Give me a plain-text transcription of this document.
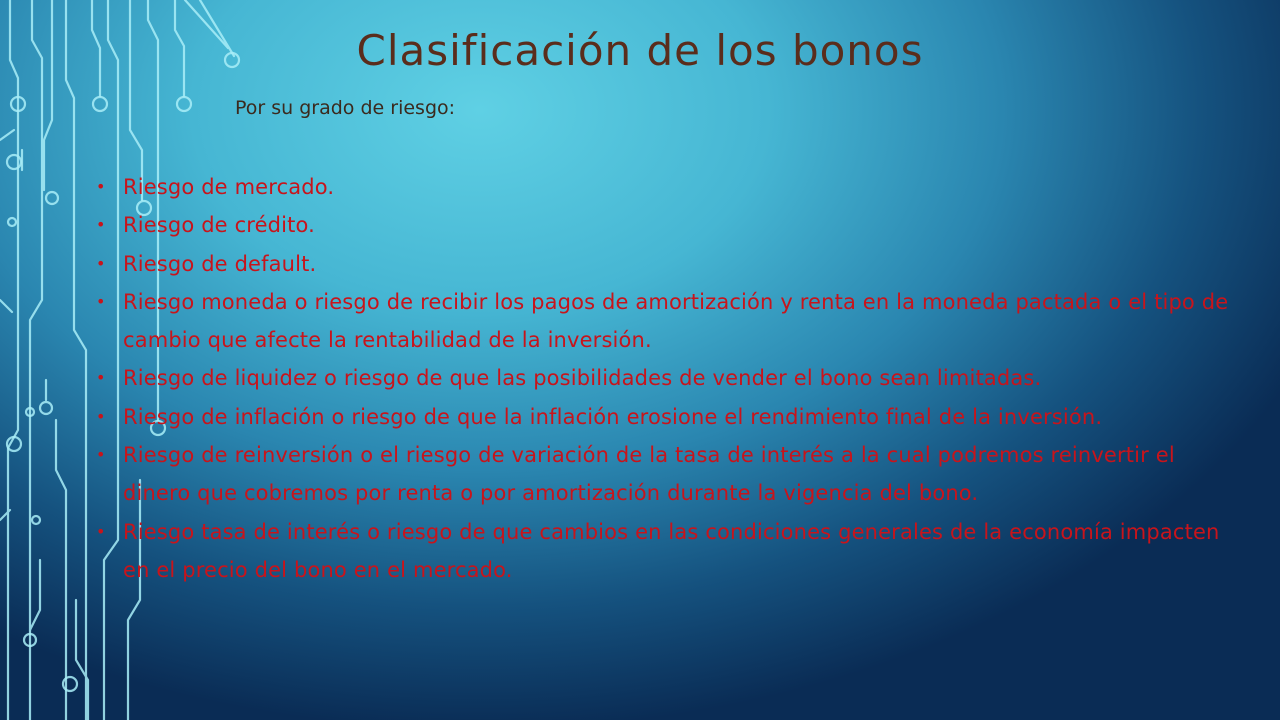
Clasificación de los bonos
Por su grado de riesgo:
• Riesgo de mercado.
• Riesgo de crédito.
• Riesgo de default.
• Riesgo moneda o riesgo de recibir los pagos de amortización y renta en la moneda pactada o el tipo de cambio que afecte la rentabilidad de la inversión.
• Riesgo de liquidez o riesgo de que las posibilidades de vender el bono sean limitadas.
• Riesgo de inflación o riesgo de que la inflación erosione el rendimiento final de la inversión.
• Riesgo de reinversión o el riesgo de variación de la tasa de interés a la cual podremos reinvertir el dinero que cobremos por renta o por amortización durante la vigencia del bono.
• Riesgo tasa de interés o riesgo de que cambios en las condiciones generales de la economía impacten en el precio del bono en el mercado.
